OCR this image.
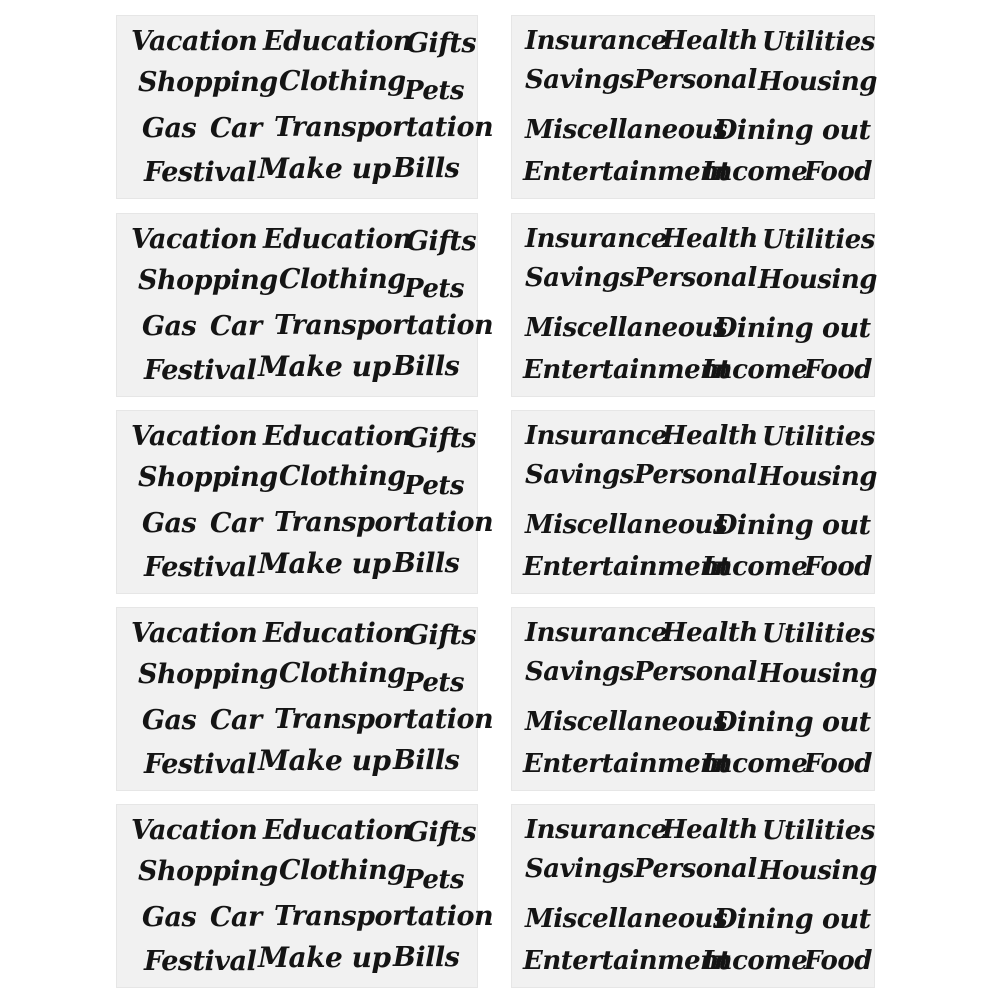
Vacation Education
Gifts
Shopping Clothing
Pets
Gas Car Transportation
Festival Make up Bills
Insurance
Health Utilities
Savings Personal Housing
Miscellaneous
Dining out
Entertainment
Income
Food
Vacation Education
Gifts
Shopping Clothing
Pets
Gas Car Transportation
Festival Make up Bills
Insurance
Health Utilities
Savings Personal Housing
Miscellaneous
Dining out
Entertainment
Income
Food
Vacation Education
Gifts
Shopping Clothing
Pets
Gas Car Transportation
Festival Make up Bills
Insurance
Health Utilities
Savings Personal Housing
Miscellaneous
Dining out
Entertainment
Income
Food
Vacation Education
Gifts
Shopping Clothing
Pets
Gas Car Transportation
Festival Make up Bills
Insurance
Health Utilities
Savings Personal Housing
Miscellaneous
Dining out
Entertainment
Income
Food
Vacation Education
Gifts
Shopping Clothing
Pets
Gas Car Transportation
Festival Make up Bills
Insurance
Health Utilities
Savings Personal Housing
Miscellaneous
Dining out
Entertainment
Income
Food
